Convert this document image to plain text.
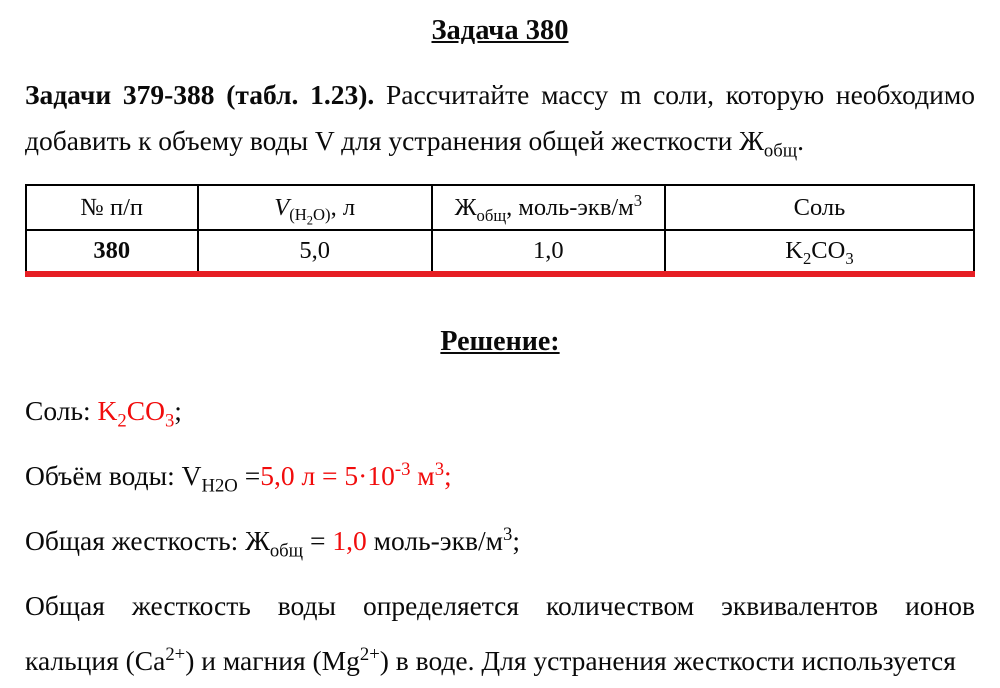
Задача 380
Задачи 379-388 (табл. 1.23). Рассчитайте массу m соли, которую необходимо
добавить к объему воды V для устранения общей жесткости $Ж_{общ}$.
№ п/п	$V_{(H_2O)}$, л	$Ж_{общ}$, моль-$экв/м^3$	Соль
380	5,0	1,0	$K_2CO_3$
Решение:

Соль: $K_2CO_3$;

Объём воды: $V_{H2O} =5,0$ $л = 5\cdot 10^{-3}$ $м^3$;

Общая жесткость: $Ж_{общ} = 1,0$ моль-$экв/м^3$;

Общая жесткость воды определяется количеством эквивалентов ионов
кальция $(Ca^{2+})$ и магния $(Mg^{2+})$ в воде. Для устранения жесткости используется
